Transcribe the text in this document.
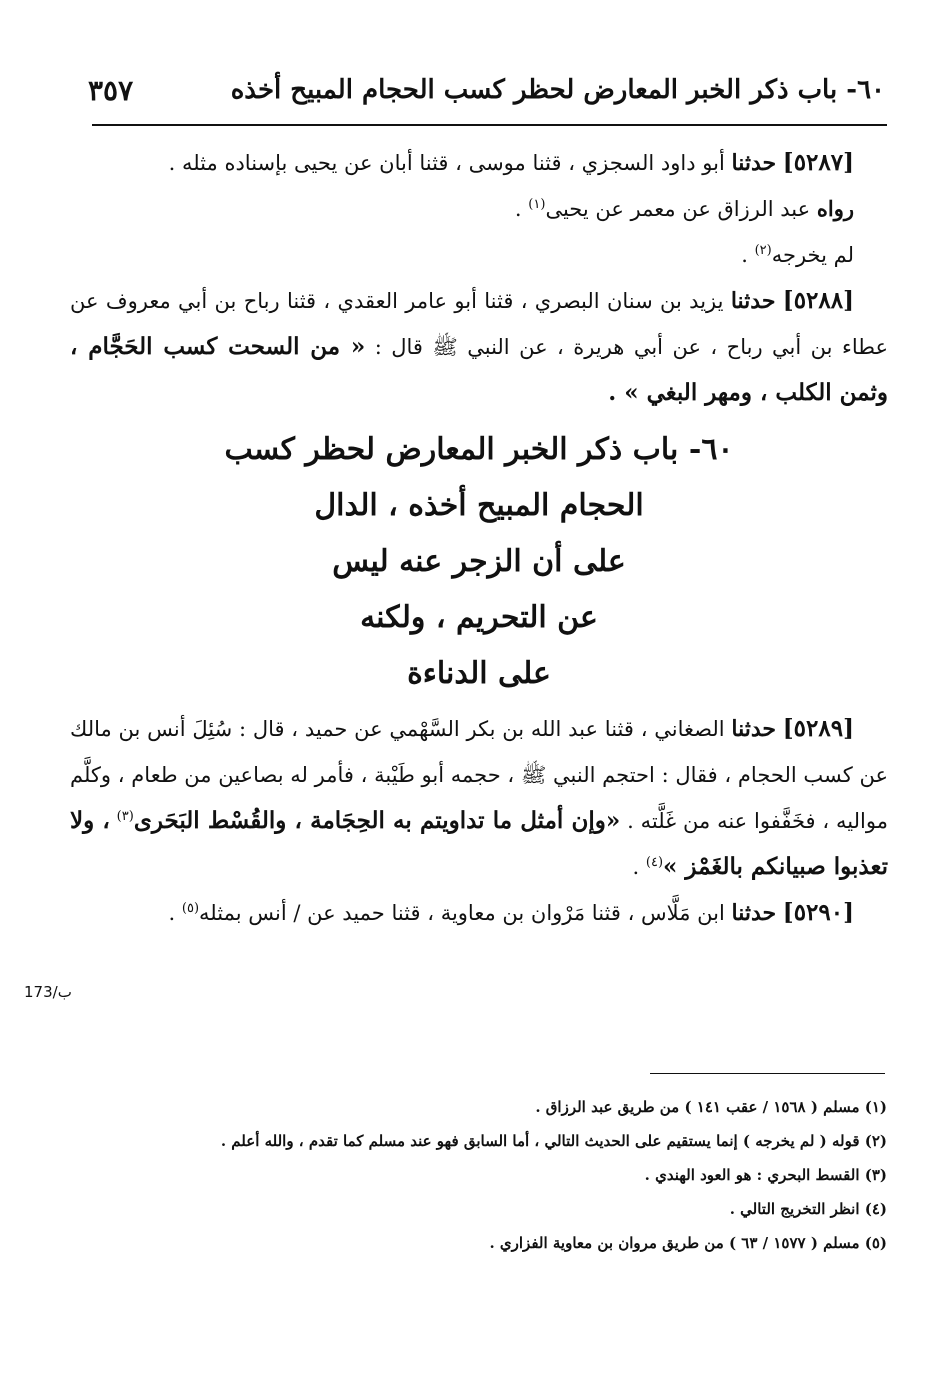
٦٠- باب ذكر الخبر المعارض لحظر كسب الحجام المبيح أخذه
٣٥٧

[٥٢٨٧] حدثنا أبو داود السجزي ، قثنا موسى ، قثنا أبان عن يحيى بإسناده مثله .

رواه عبد الرزاق عن معمر عن يحيى$^{(١)}$ .

لم يخرجه$^{(٢)}$ .

[٥٢٨٨] حدثنا يزيد بن سنان البصري ، قثنا أبو عامر العقدي ، قثنا رباح بن أبي معروف عن عطاء بن أبي رباح ، عن أبي هريرة ، عن النبي ﷺ قال : « من السحت كسب الحَجَّام ، وثمن الكلب ، ومهر البغي » .

٦٠- باب ذكر الخبر المعارض لحظر كسب
الحجام المبيح أخذه ، الدال
على أن الزجر عنه ليس
عن التحريم ، ولكنه
على الدناءة

[٥٢٨٩] حدثنا الصغاني ، قثنا عبد الله بن بكر السَّهْمي عن حميد ، قال : سُئِلَ أنس بن مالك عن كسب الحجام ، فقال : احتجم النبي ﷺ ، حجمه أبو طَيْبة ، فأمر له بصاعين من طعام ، وكلَّم مواليه ، فخَفَّفوا عنه من غَلَّته . «وإن أمثل ما تداويتم به الحِجَامة ، والقُسْط البَحَرى$^{(٣)}$ ، ولا تعذبوا صبيانكم بالغَمْز »$^{(٤)}$ .

[٥٢٩٠] حدثنا ابن مَلَّاس ، قثنا مَرْوان بن معاوية ، قثنا حميد عن / أنس بمثله$^{(٥)}$ .

173/ب
(١) مسلم ( ١٥٦٨ / عقب ١٤١ ) من طريق عبد الرزاق .
(٢) قوله ( لم يخرجه ) إنما يستقيم على الحديث التالي ، أما السابق فهو عند مسلم كما تقدم ، والله أعلم .
(٣) القسط البحري : هو العود الهندي .
(٤) انظر التخريج التالي .
(٥) مسلم ( ١٥٧٧ / ٦٣ ) من طريق مروان بن معاوية الفزاري .
